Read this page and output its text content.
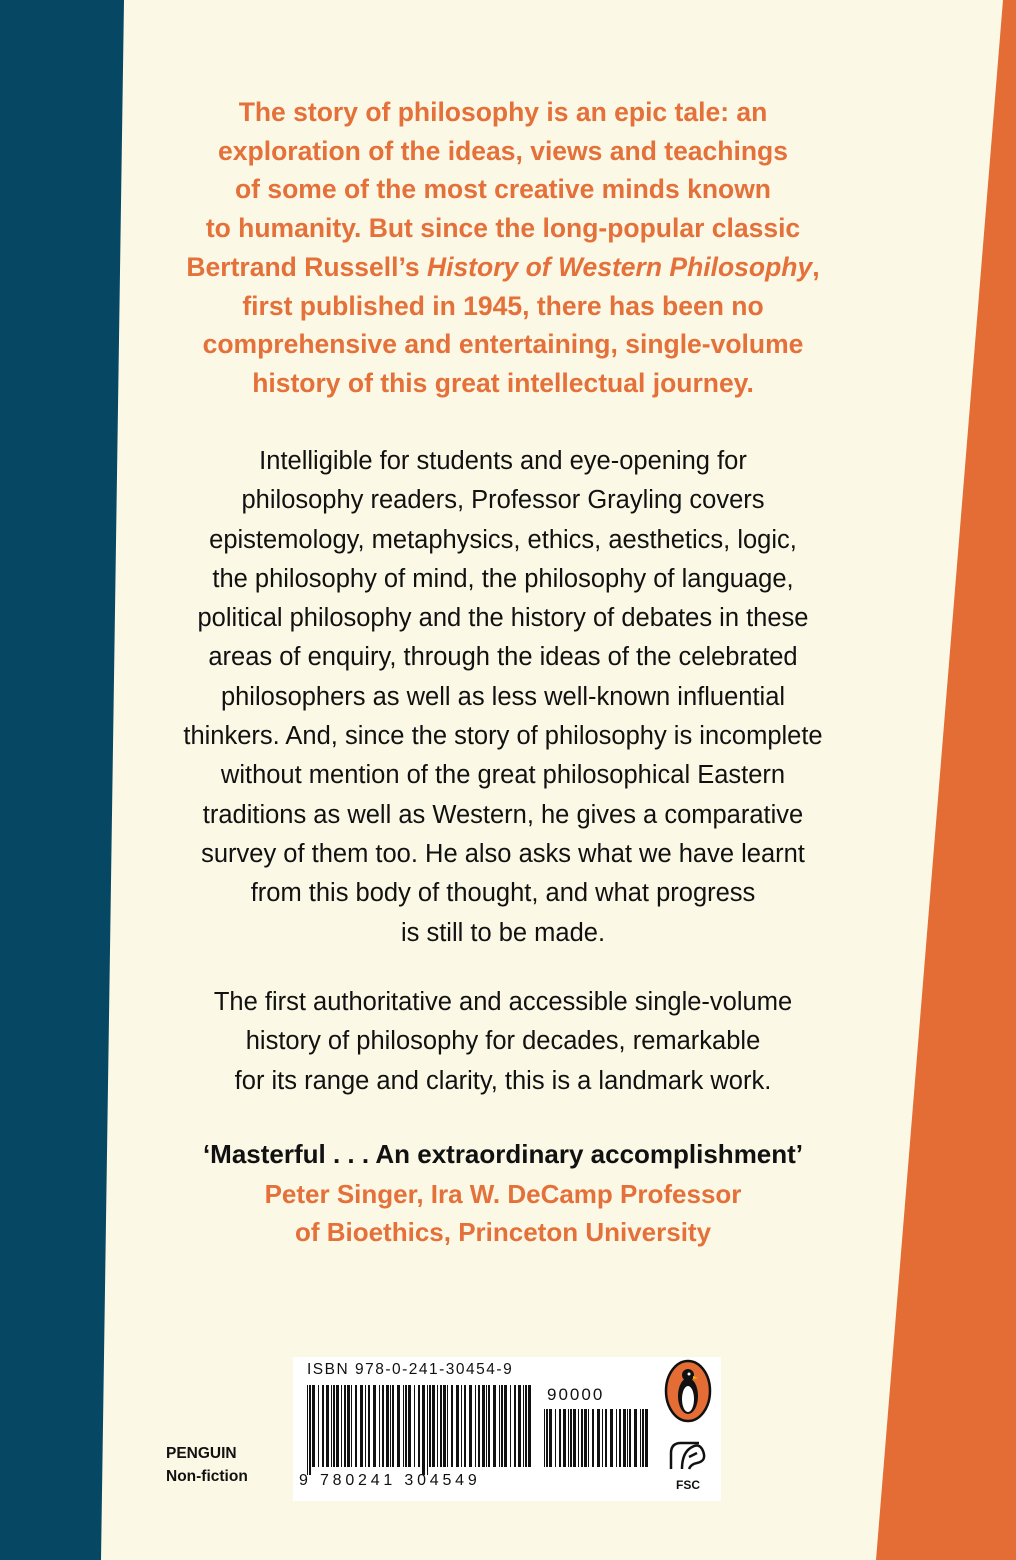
The story of philosophy is an epic tale: an
exploration of the ideas, views and teachings
of some of the most creative minds known
to humanity. But since the long-popular classic
Bertrand Russell’s History of Western Philosophy,
first published in 1945, there has been no
comprehensive and entertaining, single-volume
history of this great intellectual journey.
Intelligible for students and eye-opening for
philosophy readers, Professor Grayling covers
epistemology, metaphysics, ethics, aesthetics, logic,
the philosophy of mind, the philosophy of language,
political philosophy and the history of debates in these
areas of enquiry, through the ideas of the celebrated
philosophers as well as less well-known influential
thinkers. And, since the story of philosophy is incomplete
without mention of the great philosophical Eastern
traditions as well as Western, he gives a comparative
survey of them too. He also asks what we have learnt
from this body of thought, and what progress
is still to be made.
The first authoritative and accessible single-volume
history of philosophy for decades, remarkable
for its range and clarity, this is a landmark work.
‘Masterful . . . An extraordinary accomplishment’
Peter Singer, Ira W. DeCamp Professor
of Bioethics, Princeton University
PENGUIN
Non-fiction
ISBN 978-0-241-30454-9
90000
9 780241 304549	FSC
